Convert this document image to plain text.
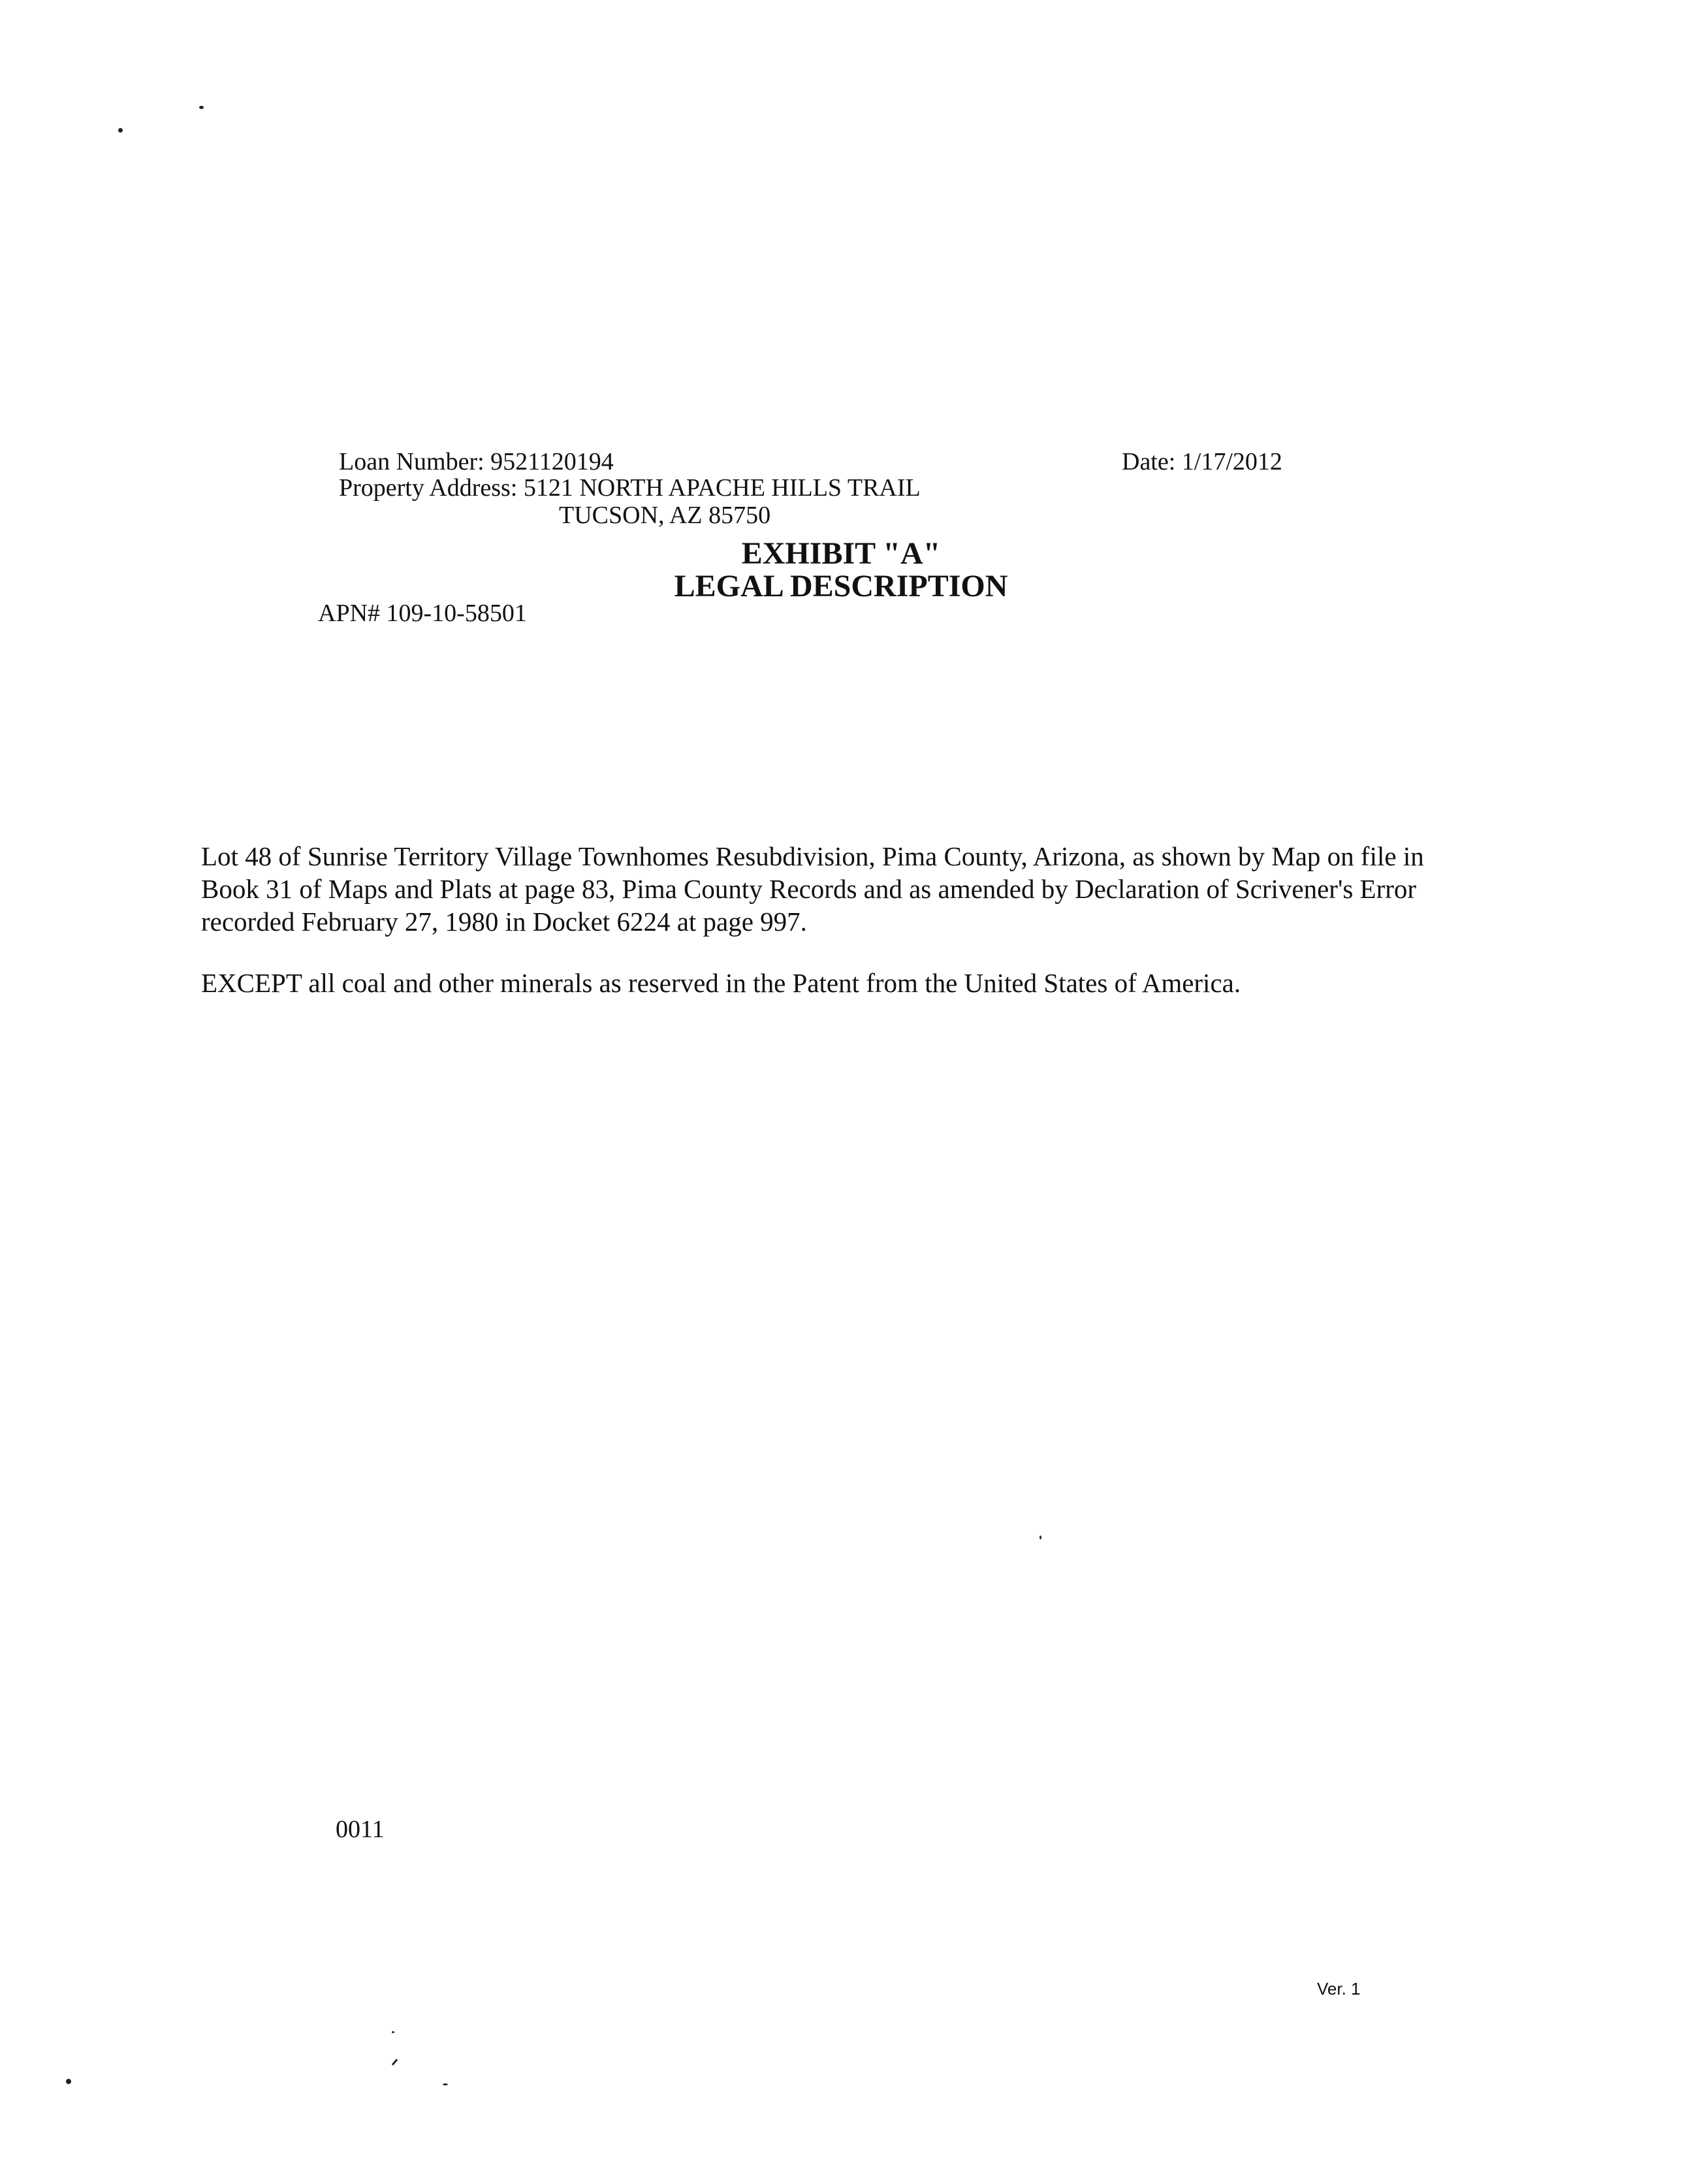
Loan Number: 9521120194	Date: 1/17/2012
Property Address: 5121 NORTH APACHE HILLS TRAIL
TUCSON, AZ 85750
EXHIBIT "A"
LEGAL DESCRIPTION
APN# 109-10-58501
Lot 48 of Sunrise Territory Village Townhomes Resubdivision, Pima County, Arizona, as shown by Map on file in
Book 31 of Maps and Plats at page 83, Pima County Records and as amended by Declaration of Scrivener's Error
recorded February 27, 1980 in Docket 6224 at page 997.
EXCEPT all coal and other minerals as reserved in the Patent from the United States of America.
0011
Ver. 1
